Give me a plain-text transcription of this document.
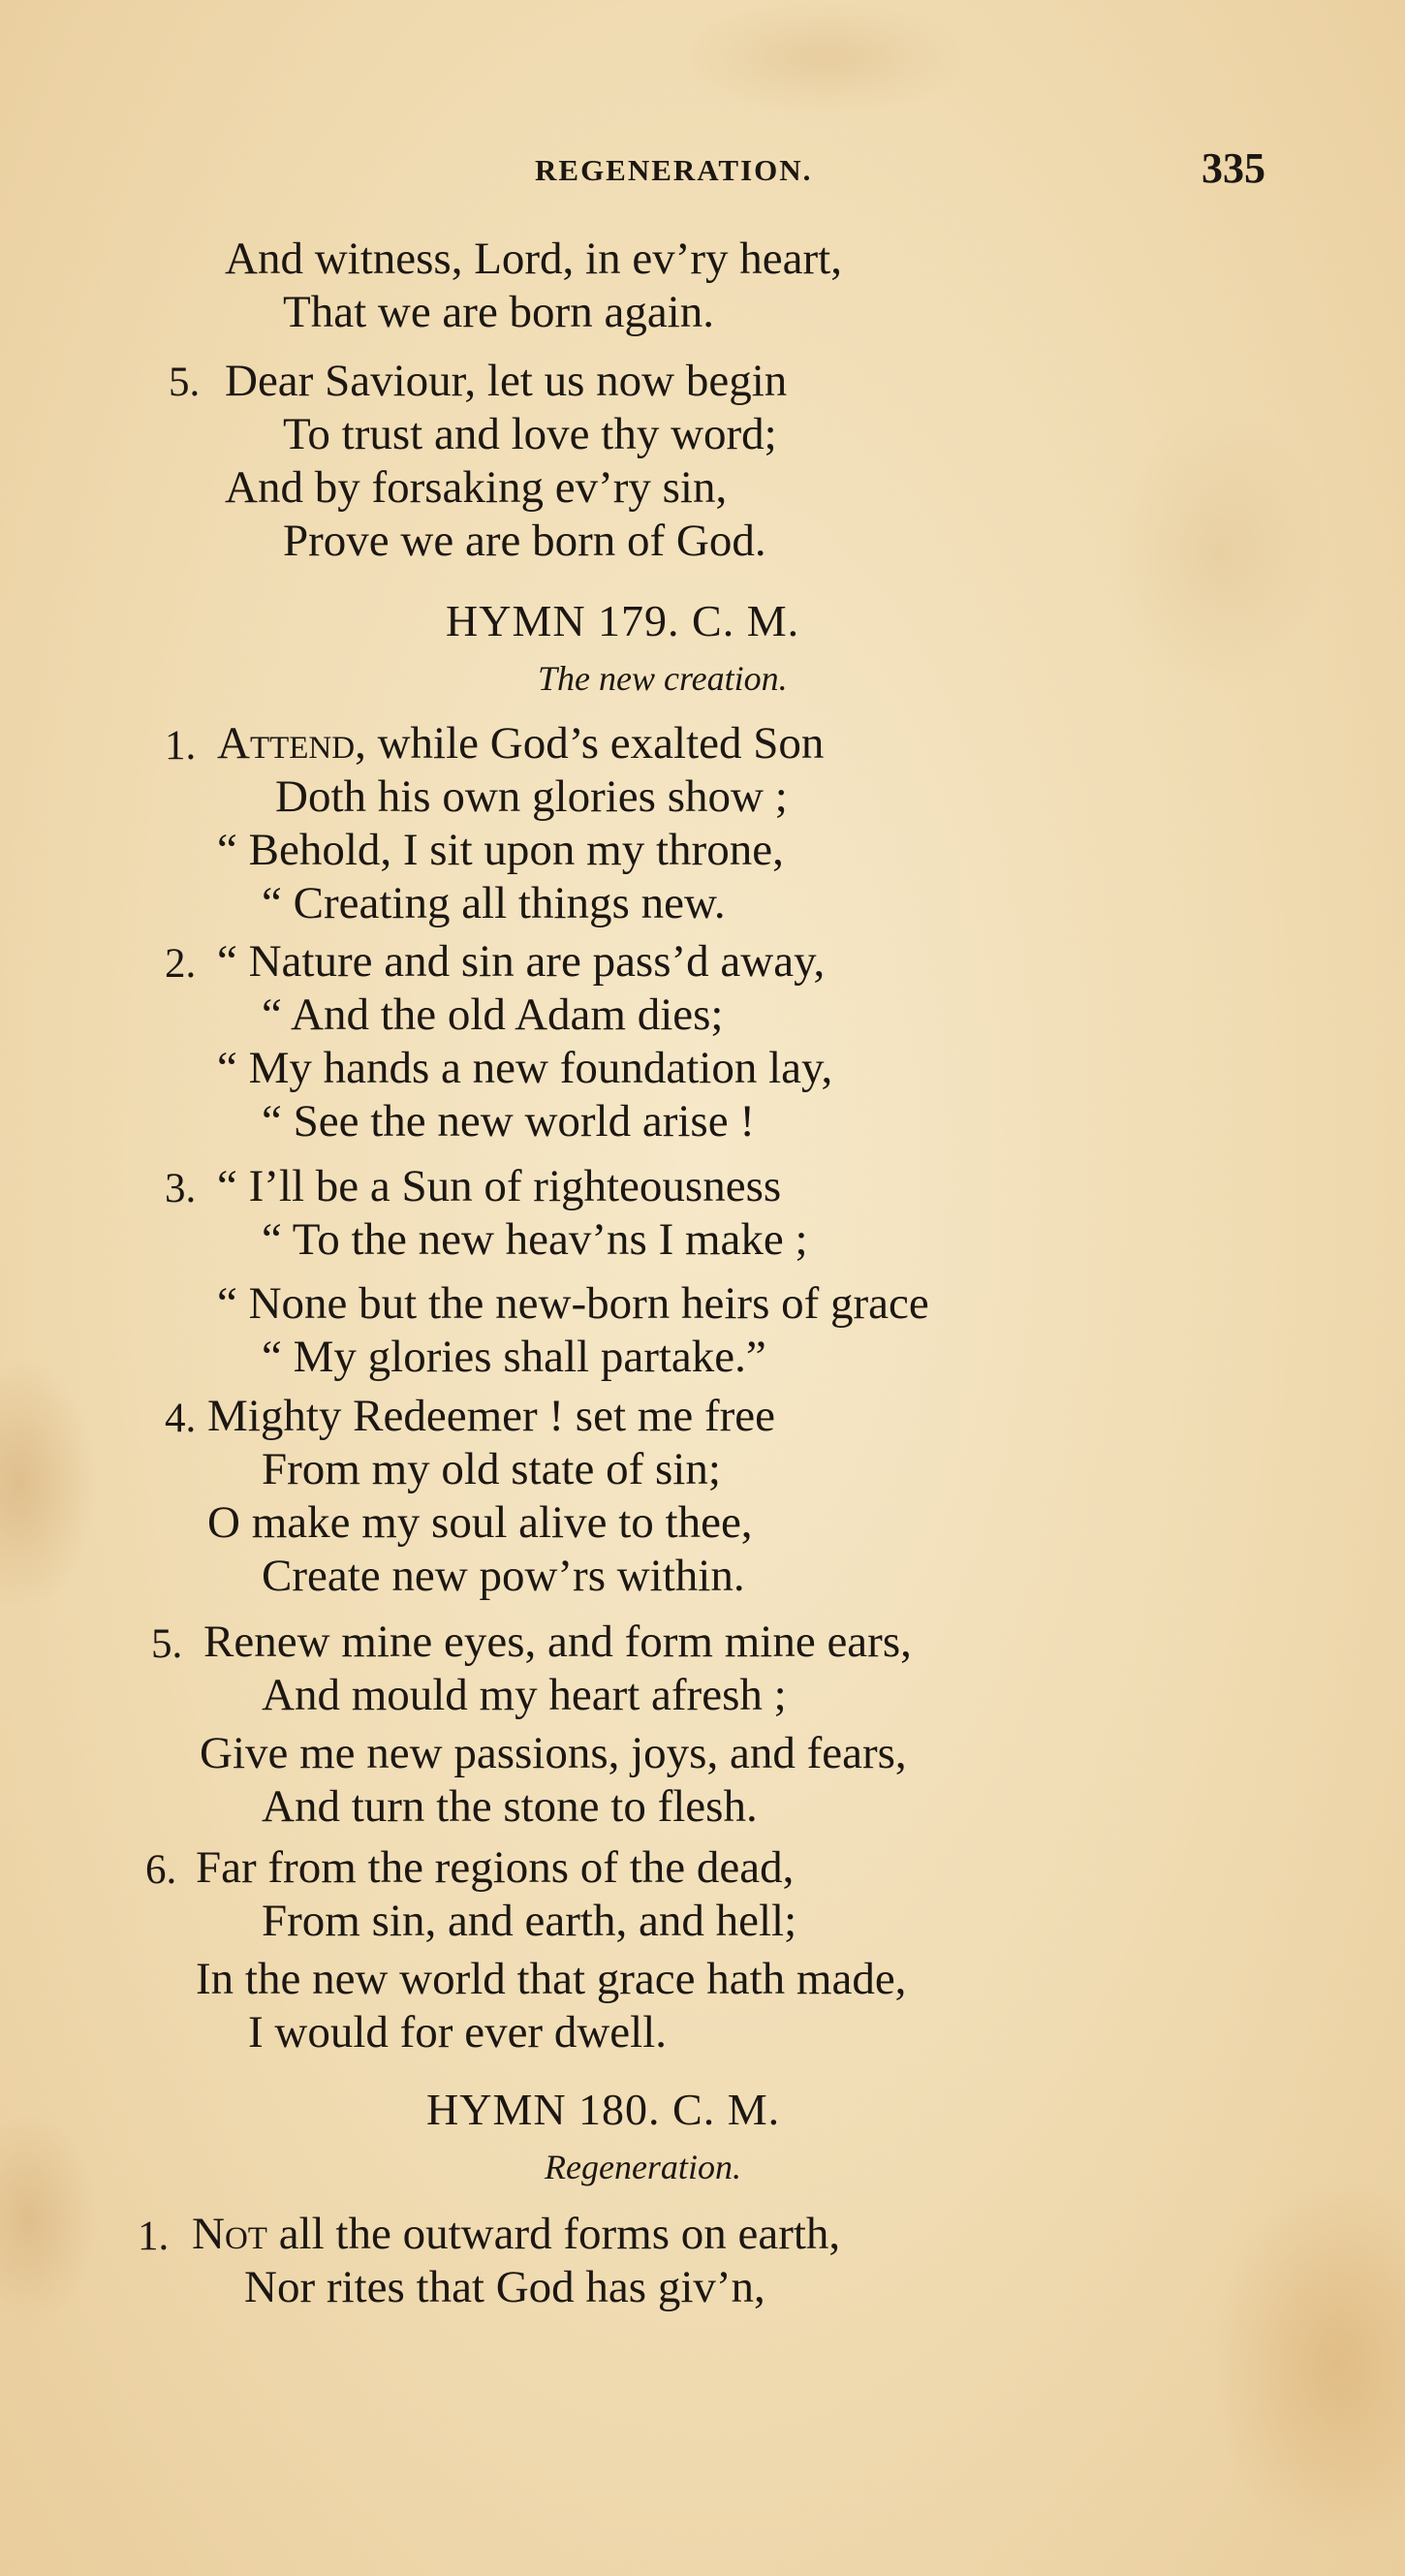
REGENERATION.	335
And witness, Lord, in ev’ry heart,
That we are born again.
5. Dear Saviour, let us now begin
To trust and love thy word;
And by forsaking ev’ry sin,
Prove we are born of God.
HYMN 179. C. M.
The new creation.
1. Attend, while God’s exalted Son
Doth his own glories show ;
“ Behold, I sit upon my throne,
“ Creating all things new.
2. “ Nature and sin are pass’d away,
“ And the old Adam dies;
“ My hands a new foundation lay,
“ See the new world arise !
3. “ I’ll be a Sun of righteousness
“ To the new heav’ns I make ;
“ None but the new-born heirs of grace
“ My glories shall partake.”
4. Mighty Redeemer ! set me free
From my old state of sin;
O make my soul alive to thee,
Create new pow’rs within.
5. Renew mine eyes, and form mine ears,
And mould my heart afresh ;
Give me new passions, joys, and fears,
And turn the stone to flesh.
6. Far from the regions of the dead,
From sin, and earth, and hell;
In the new world that grace hath made,
I would for ever dwell.
HYMN 180. C. M.
Regeneration.
1. Not all the outward forms on earth,
Nor rites that God has giv’n,
